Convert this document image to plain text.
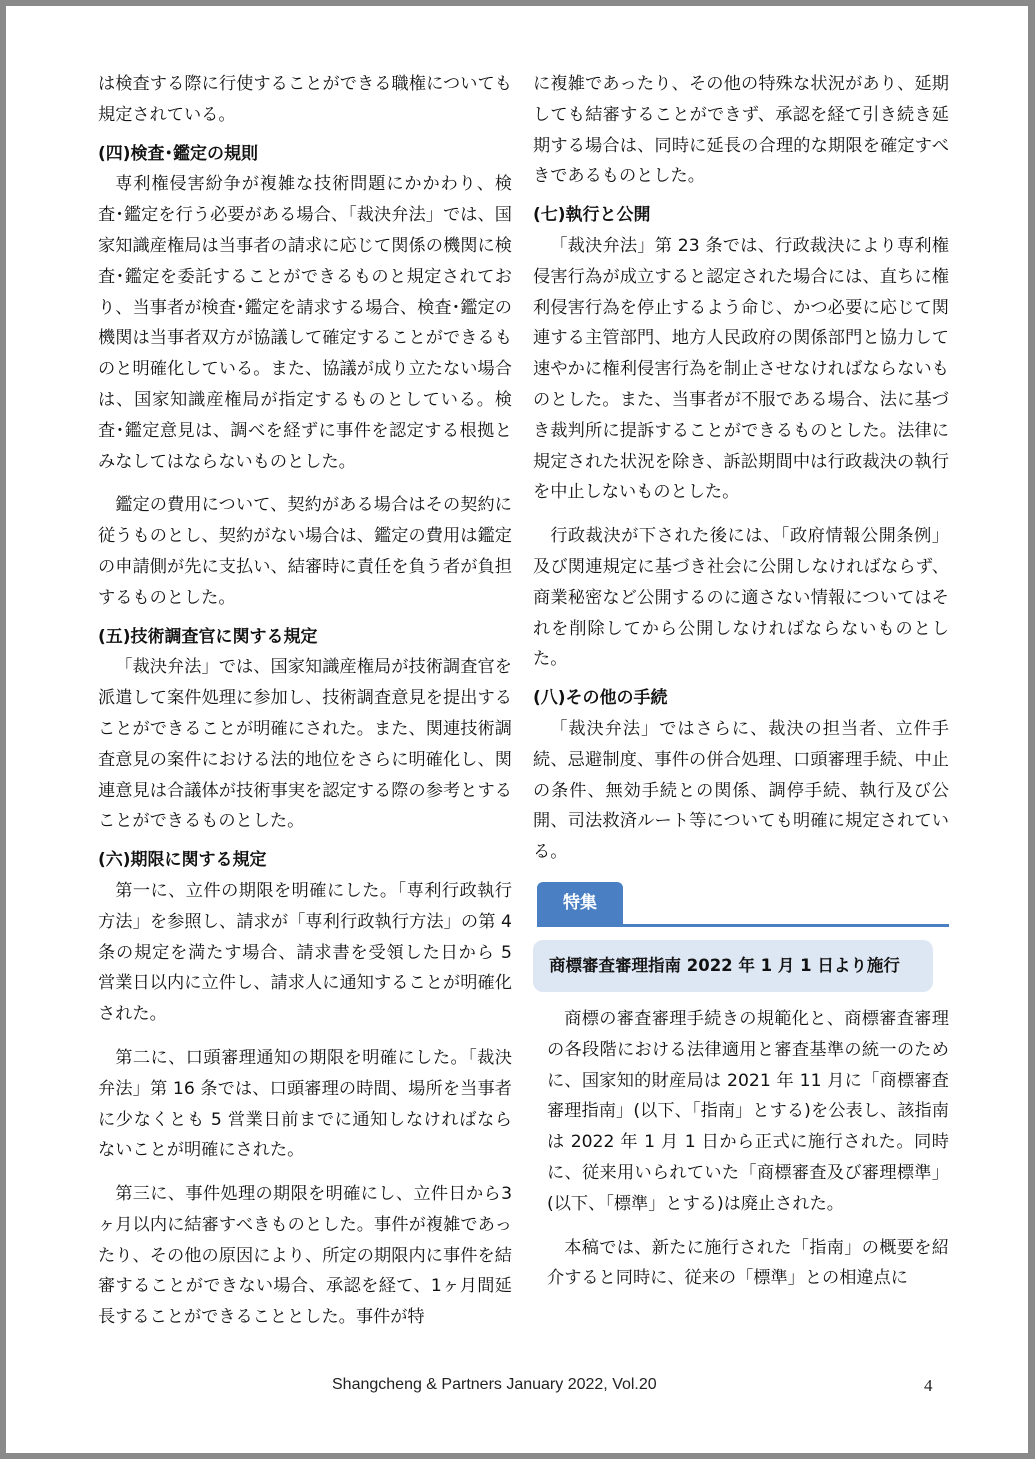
は検査する際に行使することができる職権についても規定されている。

(四)検査･鑑定の規則

専利権侵害紛争が複雑な技術問題にかかわり、検査･鑑定を行う必要がある場合、「裁決弁法」では、国家知識産権局は当事者の請求に応じて関係の機関に検査･鑑定を委託することができるものと規定されており、当事者が検査･鑑定を請求する場合、検査･鑑定の機関は当事者双方が協議して確定することができるものと明確化している。また、協議が成り立たない場合は、国家知識産権局が指定するものとしている。検査･鑑定意見は、調べを経ずに事件を認定する根拠とみなしてはならないものとした。

鑑定の費用について、契約がある場合はその契約に従うものとし、契約がない場合は、鑑定の費用は鑑定の申請側が先に支払い、結審時に責任を負う者が負担するものとした。

(五)技術調査官に関する規定

「裁決弁法」では、国家知識産権局が技術調査官を派遣して案件処理に参加し、技術調査意見を提出することができることが明確にされた。また、関連技術調査意見の案件における法的地位をさらに明確化し、関連意見は合議体が技術事実を認定する際の参考とすることができるものとした。

(六)期限に関する規定

第一に、立件の期限を明確にした。「専利行政執行方法」を参照し、請求が「専利行政執行方法」の第 4 条の規定を満たす場合、請求書を受領した日から 5 営業日以内に立件し、請求人に通知することが明確化された。

第二に、口頭審理通知の期限を明確にした。「裁決弁法」第 16 条では、口頭審理の時間、場所を当事者に少なくとも 5 営業日前までに通知しなければならないことが明確にされた。

第三に、事件処理の期限を明確にし、立件日から3ヶ月以内に結審すべきものとした。事件が複雑であったり、その他の原因により、所定の期限内に事件を結審することができない場合、承認を経て、1ヶ月間延長することができることとした。事件が特

に複雑であったり、その他の特殊な状況があり、延期しても結審することができず、承認を経て引き続き延期する場合は、同時に延長の合理的な期限を確定すべきであるものとした。

(七)執行と公開

「裁決弁法」第 23 条では、行政裁決により専利権侵害行為が成立すると認定された場合には、直ちに権利侵害行為を停止するよう命じ、かつ必要に応じて関連する主管部門、地方人民政府の関係部門と協力して速やかに権利侵害行為を制止させなければならないものとした。また、当事者が不服である場合、法に基づき裁判所に提訴することができるものとした。法律に規定された状況を除き、訴訟期間中は行政裁決の執行を中止しないものとした。

行政裁決が下された後には、「政府情報公開条例」及び関連規定に基づき社会に公開しなければならず、商業秘密など公開するのに適さない情報についてはそれを削除してから公開しなければならないものとした。

(八)その他の手続

「裁決弁法」ではさらに、裁決の担当者、立件手続、忌避制度、事件の併合処理、口頭審理手続、中止の条件、無効手続との関係、調停手続、執行及び公開、司法救済ルート等についても明確に規定されている。

特集
商標審査審理指南 2022 年 1 月 1 日より施行

商標の審査審理手続きの規範化と、商標審査審理の各段階における法律適用と審査基準の統一のために、国家知的財産局は 2021 年 11 月に「商標審査審理指南」(以下、「指南」とする)を公表し、該指南は 2022 年 1 月 1 日から正式に施行された。同時に、従来用いられていた「商標審査及び審理標準」(以下、「標準」とする)は廃止された。

本稿では、新たに施行された「指南」の概要を紹介すると同時に、従来の「標準」との相違点に

Shangcheng & Partners January 2022, Vol.20	4
